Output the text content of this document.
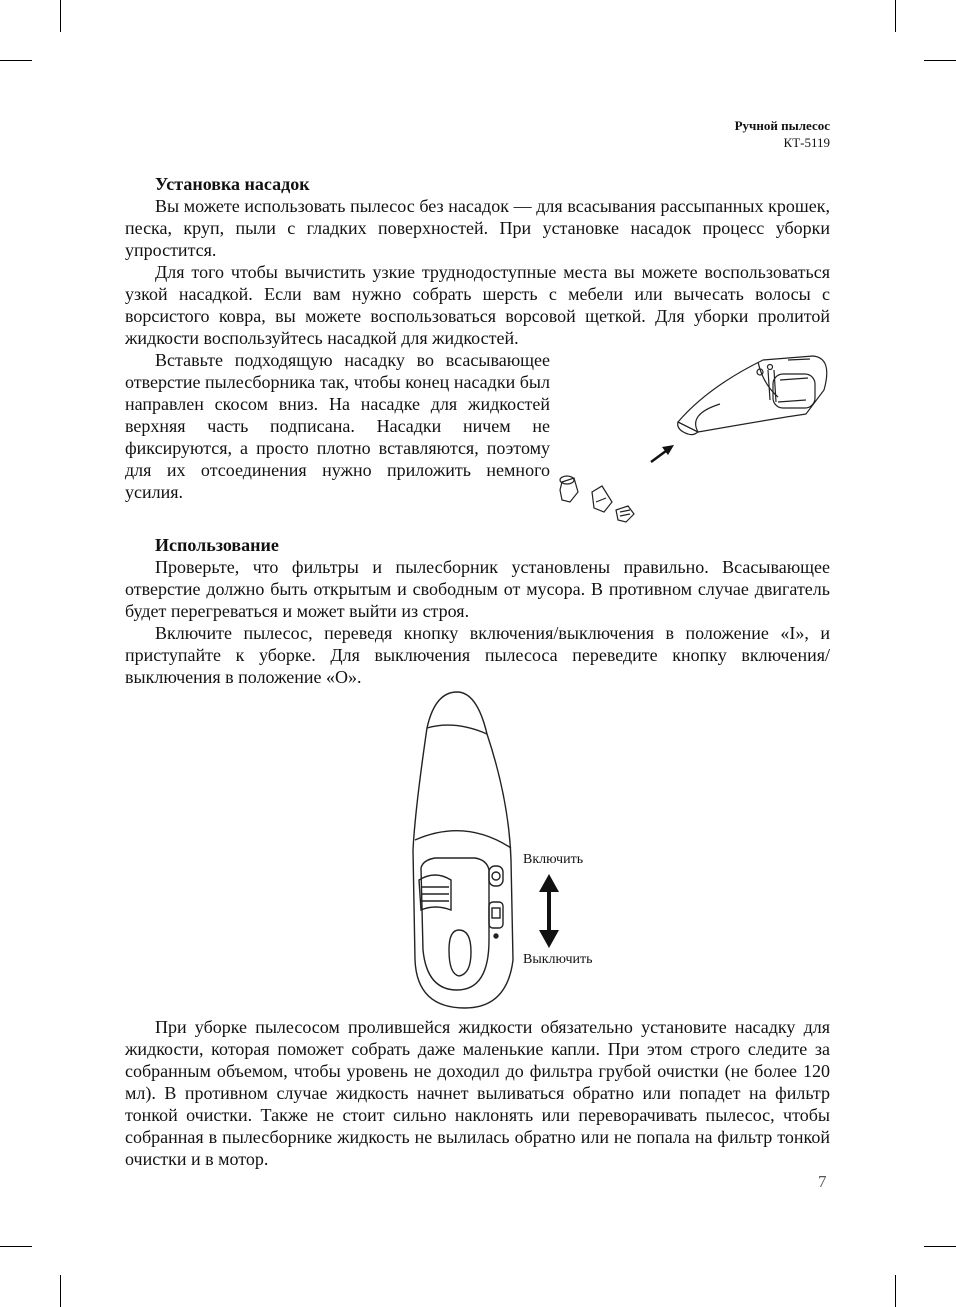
Ручной пылесос
КТ-5119
Установка насадок

Вы можете использовать пылесос без насадок — для всасывания рассыпанных крошек, песка, круп, пыли с гладких поверхностей. При установке насадок процесс уборки упростится.

Для того чтобы вычистить узкие труднодоступные места вы можете воспользоваться узкой насадкой. Если вам нужно собрать шерсть с мебели или вычесать волосы с ворсистого ковра, вы можете воспользоваться ворсовой щеткой. Для уборки пролитой жидкости воспользуйтесь насадкой для жидкостей.

Вставьте подходящую насадку во всасывающее отверстие пылесборника так, чтобы конец насадки был направлен скосом вниз. На насадке для жидкостей верхняя часть подписана. Насадки ничем не фиксируются, а просто плотно вставляются, поэтому для их отсоединения нужно приложить немного усилия.

Использование

Проверьте, что фильтры и пылесборник установлены правильно. Всасывающее отверстие должно быть открытым и свободным от мусора. В противном случае двигатель будет перегреваться и может выйти из строя.

Включите пылесос, переведя кнопку включения/выключения в положение «I», и приступайте к уборке. Для выключения пылесоса переведите кнопку включения/выключения в положение «О».

Включить
Выключить

При уборке пылесосом пролившейся жидкости обязательно установите насадку для жидкости, которая поможет собрать даже маленькие капли. При этом строго следите за собранным объемом, чтобы уровень не доходил до фильтра грубой очистки (не более 120 мл). В противном случае жидкость начнет выливаться обратно или попадет на фильтр тонкой очистки. Также не стоит сильно наклонять или переворачивать пылесос, чтобы собранная в пылесборнике жидкость не вылилась обратно или не попала на фильтр тонкой очистки и в мотор.

7
